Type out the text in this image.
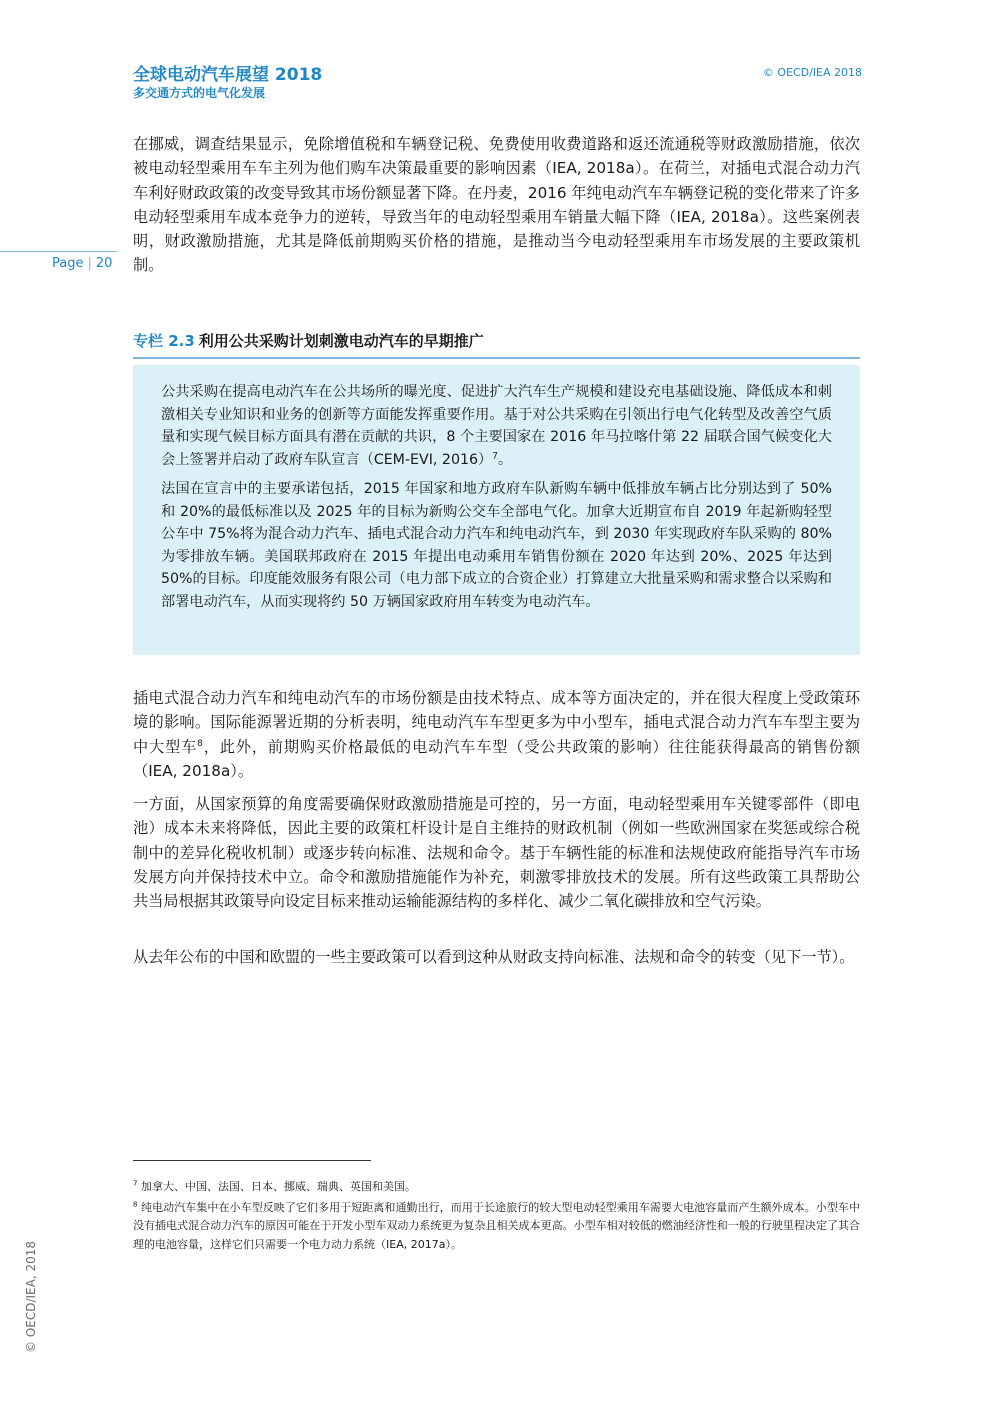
全球电动汽车展望 2018
多交通方式的电气化发展
© OECD/IEA 2018
Page | 20

在挪威，调查结果显示，免除增值税和车辆登记税、免费使用收费道路和返还流通税等财政激励措施，依次被电动轻型乘用车车主列为他们购车决策最重要的影响因素（IEA, 2018a）。在荷兰，对插电式混合动力汽车利好财政政策的改变导致其市场份额显著下降。在丹麦，2016 年纯电动汽车车辆登记税的变化带来了许多电动轻型乘用车成本竞争力的逆转，导致当年的电动轻型乘用车销量大幅下降（IEA, 2018a）。这些案例表明，财政激励措施，尤其是降低前期购买价格的措施，是推动当今电动轻型乘用车市场发展的主要政策机制。

专栏 2.3 利用公共采购计划刺激电动汽车的早期推广

公共采购在提高电动汽车在公共场所的曝光度、促进扩大汽车生产规模和建设充电基础设施、降低成本和刺激相关专业知识和业务的创新等方面能发挥重要作用。基于对公共采购在引领出行电气化转型及改善空气质量和实现气候目标方面具有潜在贡献的共识，8 个主要国家在 2016 年马拉喀什第 22 届联合国气候变化大会上签署并启动了政府车队宣言（CEM-EVI, 2016）$^7$。

法国在宣言中的主要承诺包括，2015 年国家和地方政府车队新购车辆中低排放车辆占比分别达到了 50%和 20%的最低标准以及 2025 年的目标为新购公交车全部电气化。加拿大近期宣布自 2019 年起新购轻型公车中 75%将为混合动力汽车、插电式混合动力汽车和纯电动汽车，到 2030 年实现政府车队采购的 80%为零排放车辆。美国联邦政府在 2015 年提出电动乘用车销售份额在 2020 年达到 20%、2025 年达到 50%的目标。印度能效服务有限公司（电力部下成立的合资企业）打算建立大批量采购和需求整合以采购和部署电动汽车，从而实现将约 50 万辆国家政府用车转变为电动汽车。

插电式混合动力汽车和纯电动汽车的市场份额是由技术特点、成本等方面决定的，并在很大程度上受政策环境的影响。国际能源署近期的分析表明，纯电动汽车车型更多为中小型车，插电式混合动力汽车车型主要为中大型车$^8$，此外，前期购买价格最低的电动汽车车型（受公共政策的影响）往往能获得最高的销售份额（IEA, 2018a）。

一方面，从国家预算的角度需要确保财政激励措施是可控的，另一方面，电动轻型乘用车关键零部件（即电池）成本未来将降低，因此主要的政策杠杆设计是自主维持的财政机制（例如一些欧洲国家在奖惩或综合税制中的差异化税收机制）或逐步转向标准、法规和命令。基于车辆性能的标准和法规使政府能指导汽车市场发展方向并保持技术中立。命令和激励措施能作为补充，刺激零排放技术的发展。所有这些政策工具帮助公共当局根据其政策导向设定目标来推动运输能源结构的多样化、减少二氧化碳排放和空气污染。

从去年公布的中国和欧盟的一些主要政策可以看到这种从财政支持向标准、法规和命令的转变（见下一节）。

$^7$ 加拿大、中国、法国、日本、挪威、瑞典、英国和美国。
$^8$ 纯电动汽车集中在小车型反映了它们多用于短距离和通勤出行，而用于长途旅行的较大型电动轻型乘用车需要大电池容量而产生额外成本。小型车中没有插电式混合动力汽车的原因可能在于开发小型车双动力系统更为复杂且相关成本更高。小型车相对较低的燃油经济性和一般的行驶里程决定了其合理的电池容量，这样它们只需要一个电力动力系统（IEA, 2017a）。
© OECD/IEA, 2018
